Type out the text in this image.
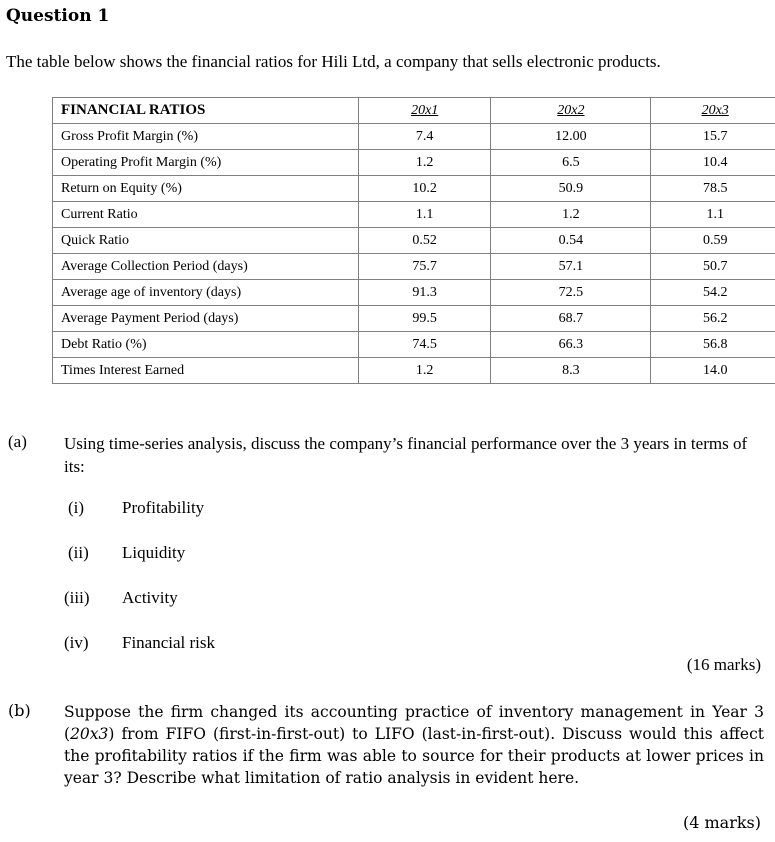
Question 1
The table below shows the financial ratios for Hili Ltd, a company that sells electronic products.
FINANCIAL RATIOS	20x1	20x2	20x3
Gross Profit Margin (%)	7.4	12.00	15.7
Operating Profit Margin (%)	1.2	6.5	10.4
Return on Equity (%)	10.2	50.9	78.5
Current Ratio	1.1	1.2	1.1
Quick Ratio	0.52	0.54	0.59
Average Collection Period (days)	75.7	57.1	50.7
Average age of inventory (days)	91.3	72.5	54.2
Average Payment Period (days)	99.5	68.7	56.2
Debt Ratio (%)	74.5	66.3	56.8
Times Interest Earned	1.2	8.3	14.0
(a) Using time-series analysis, discuss the company’s financial performance over the 3 years in terms of its:
(i) Profitability
(ii) Liquidity
(iii) Activity
(iv) Financial risk
(16 marks)
(b) Suppose the firm changed its accounting practice of inventory management in Year 3 (20x3) from FIFO (first-in-first-out) to LIFO (last-in-first-out). Discuss would this affect the profitability ratios if the firm was able to source for their products at lower prices in year 3? Describe what limitation of ratio analysis in evident here.
(4 marks)
